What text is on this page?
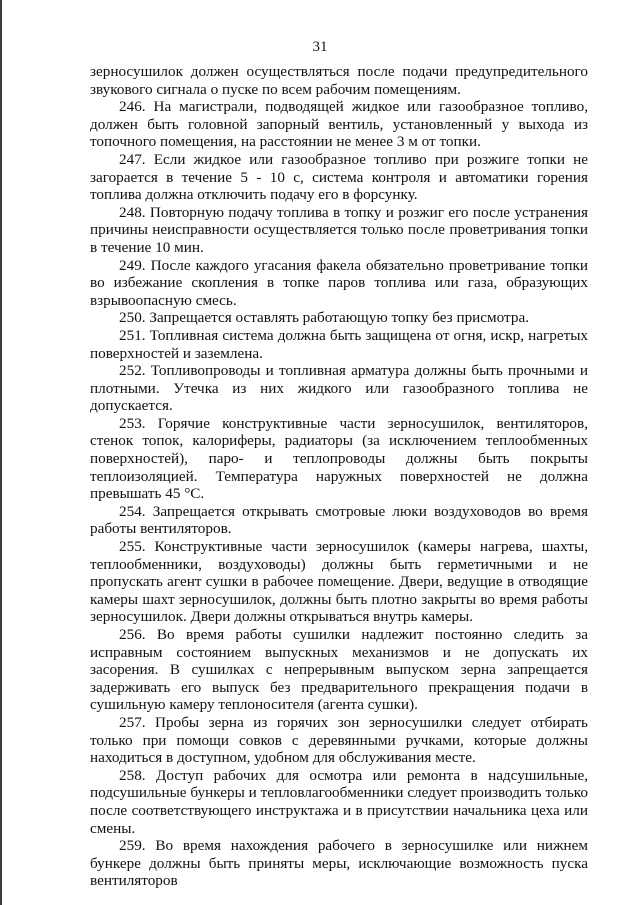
31

зерносушилок должен осуществляться после подачи предупредительного звукового сигнала о пуске по всем рабочим помещениям.

246. На магистрали, подводящей жидкое или газообразное топливо, должен быть головной запорный вентиль, установленный у выхода из топочного помещения, на расстоянии не менее 3 м от топки.

247. Если жидкое или газообразное топливо при розжиге топки не загорается в течение 5 - 10 с, система контроля и автоматики горения топлива должна отключить подачу его в форсунку.

248. Повторную подачу топлива в топку и розжиг его после устранения причины неисправности осуществляется только после проветривания топки в течение 10 мин.

249. После каждого угасания факела обязательно проветривание топки во избежание скопления в топке паров топлива или газа, образующих взрывоопасную смесь.

250. Запрещается оставлять работающую топку без присмотра.

251. Топливная система должна быть защищена от огня, искр, нагретых поверхностей и заземлена.

252. Топливопроводы и топливная арматура должны быть прочными и плотными. Утечка из них жидкого или газообразного топлива не допускается.

253. Горячие конструктивные части зерносушилок, вентиляторов, стенок топок, калориферы, радиаторы (за исключением теплообменных поверхностей), паро- и теплопроводы должны быть покрыты теплоизоляцией. Температура наружных поверхностей не должна превышать 45 °С.

254. Запрещается открывать смотровые люки воздуховодов во время работы вентиляторов.

255. Конструктивные части зерносушилок (камеры нагрева, шахты, теплообменники, воздуховоды) должны быть герметичными и не пропускать агент сушки в рабочее помещение. Двери, ведущие в отводящие камеры шахт зерносушилок, должны быть плотно закрыты во время работы зерносушилок. Двери должны открываться внутрь камеры.

256. Во время работы сушилки надлежит постоянно следить за исправным состоянием выпускных механизмов и не допускать их засорения. В сушилках с непрерывным выпуском зерна запрещается задерживать его выпуск без предварительного прекращения подачи в сушильную камеру теплоносителя (агента сушки).

257. Пробы зерна из горячих зон зерносушилки следует отбирать только при помощи совков с деревянными ручками, которые должны находиться в доступном, удобном для обслуживания месте.

258. Доступ рабочих для осмотра или ремонта в надсушильные, подсушильные бункеры и тепловлагообменники следует производить только после соответствующего инструктажа и в присутствии начальника цеха или смены.

259. Во время нахождения рабочего в зерносушилке или нижнем бункере должны быть приняты меры, исключающие возможность пуска вентиляторов
